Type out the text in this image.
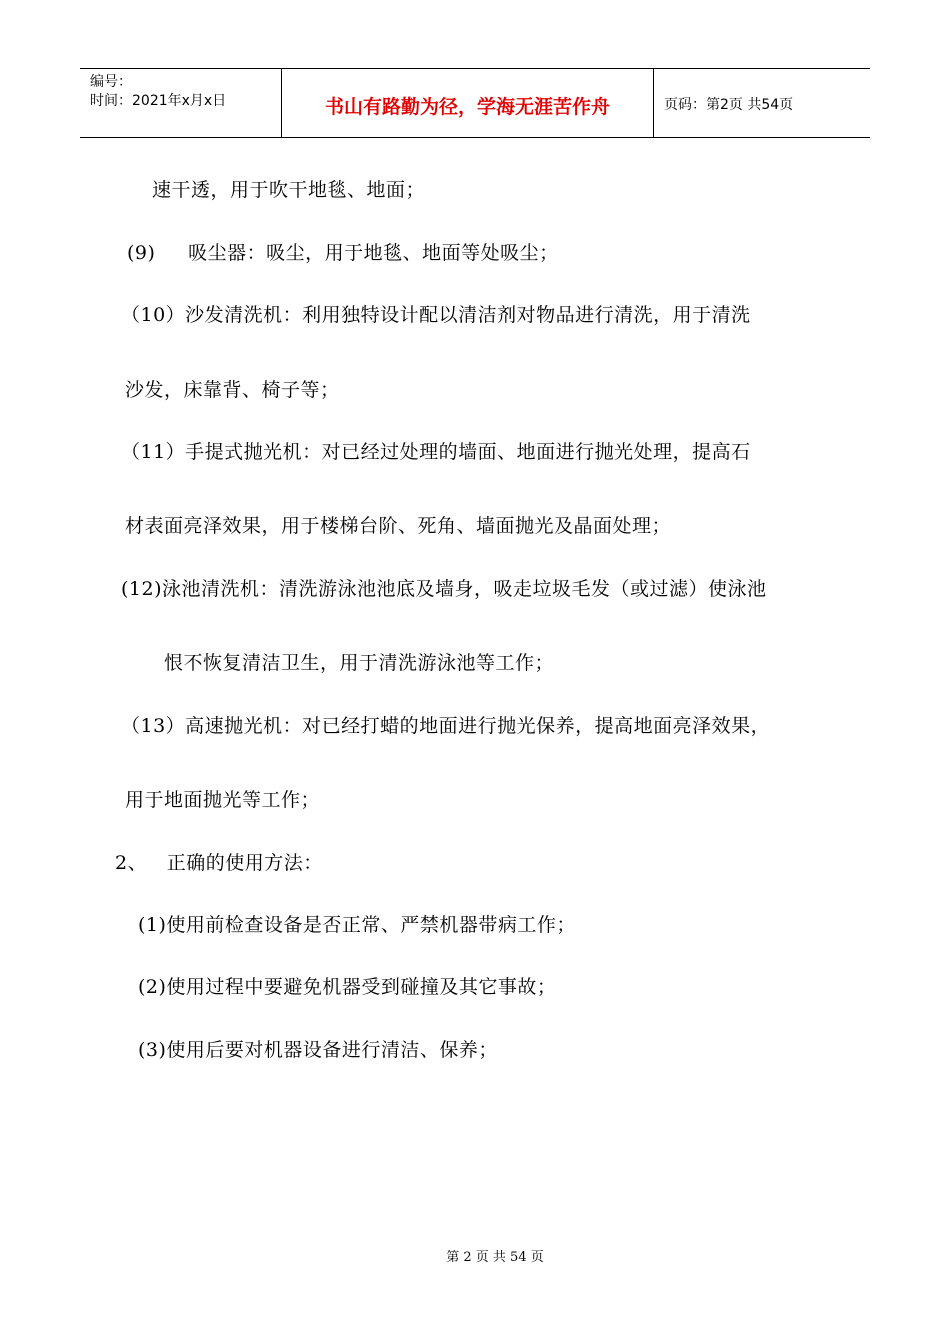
编号：
时间：2021年x月x日	书山有路勤为径，学海无涯苦作舟	页码：第2页 共54页
速干透，用于吹干地毯、地面；
(9)     吸尘器：吸尘，用于地毯、地面等处吸尘；
（10）沙发清洗机：利用独特设计配以清洁剂对物品进行清洗，用于清洗
沙发，床靠背、椅子等；
（11）手提式抛光机：对已经过处理的墙面、地面进行抛光处理，提高石
材表面亮泽效果，用于楼梯台阶、死角、墙面抛光及晶面处理；
(12)泳池清洗机：清洗游泳池池底及墙身，吸走垃圾毛发（或过滤）使泳池
恨不恢复清洁卫生，用于清洗游泳池等工作；
（13）高速抛光机：对已经打蜡的地面进行抛光保养，提高地面亮泽效果，
用于地面抛光等工作；
2、   正确的使用方法：
(1)使用前检查设备是否正常、严禁机器带病工作；
(2)使用过程中要避免机器受到碰撞及其它事故；
(3)使用后要对机器设备进行清洁、保养；
第 2 页 共 54 页
